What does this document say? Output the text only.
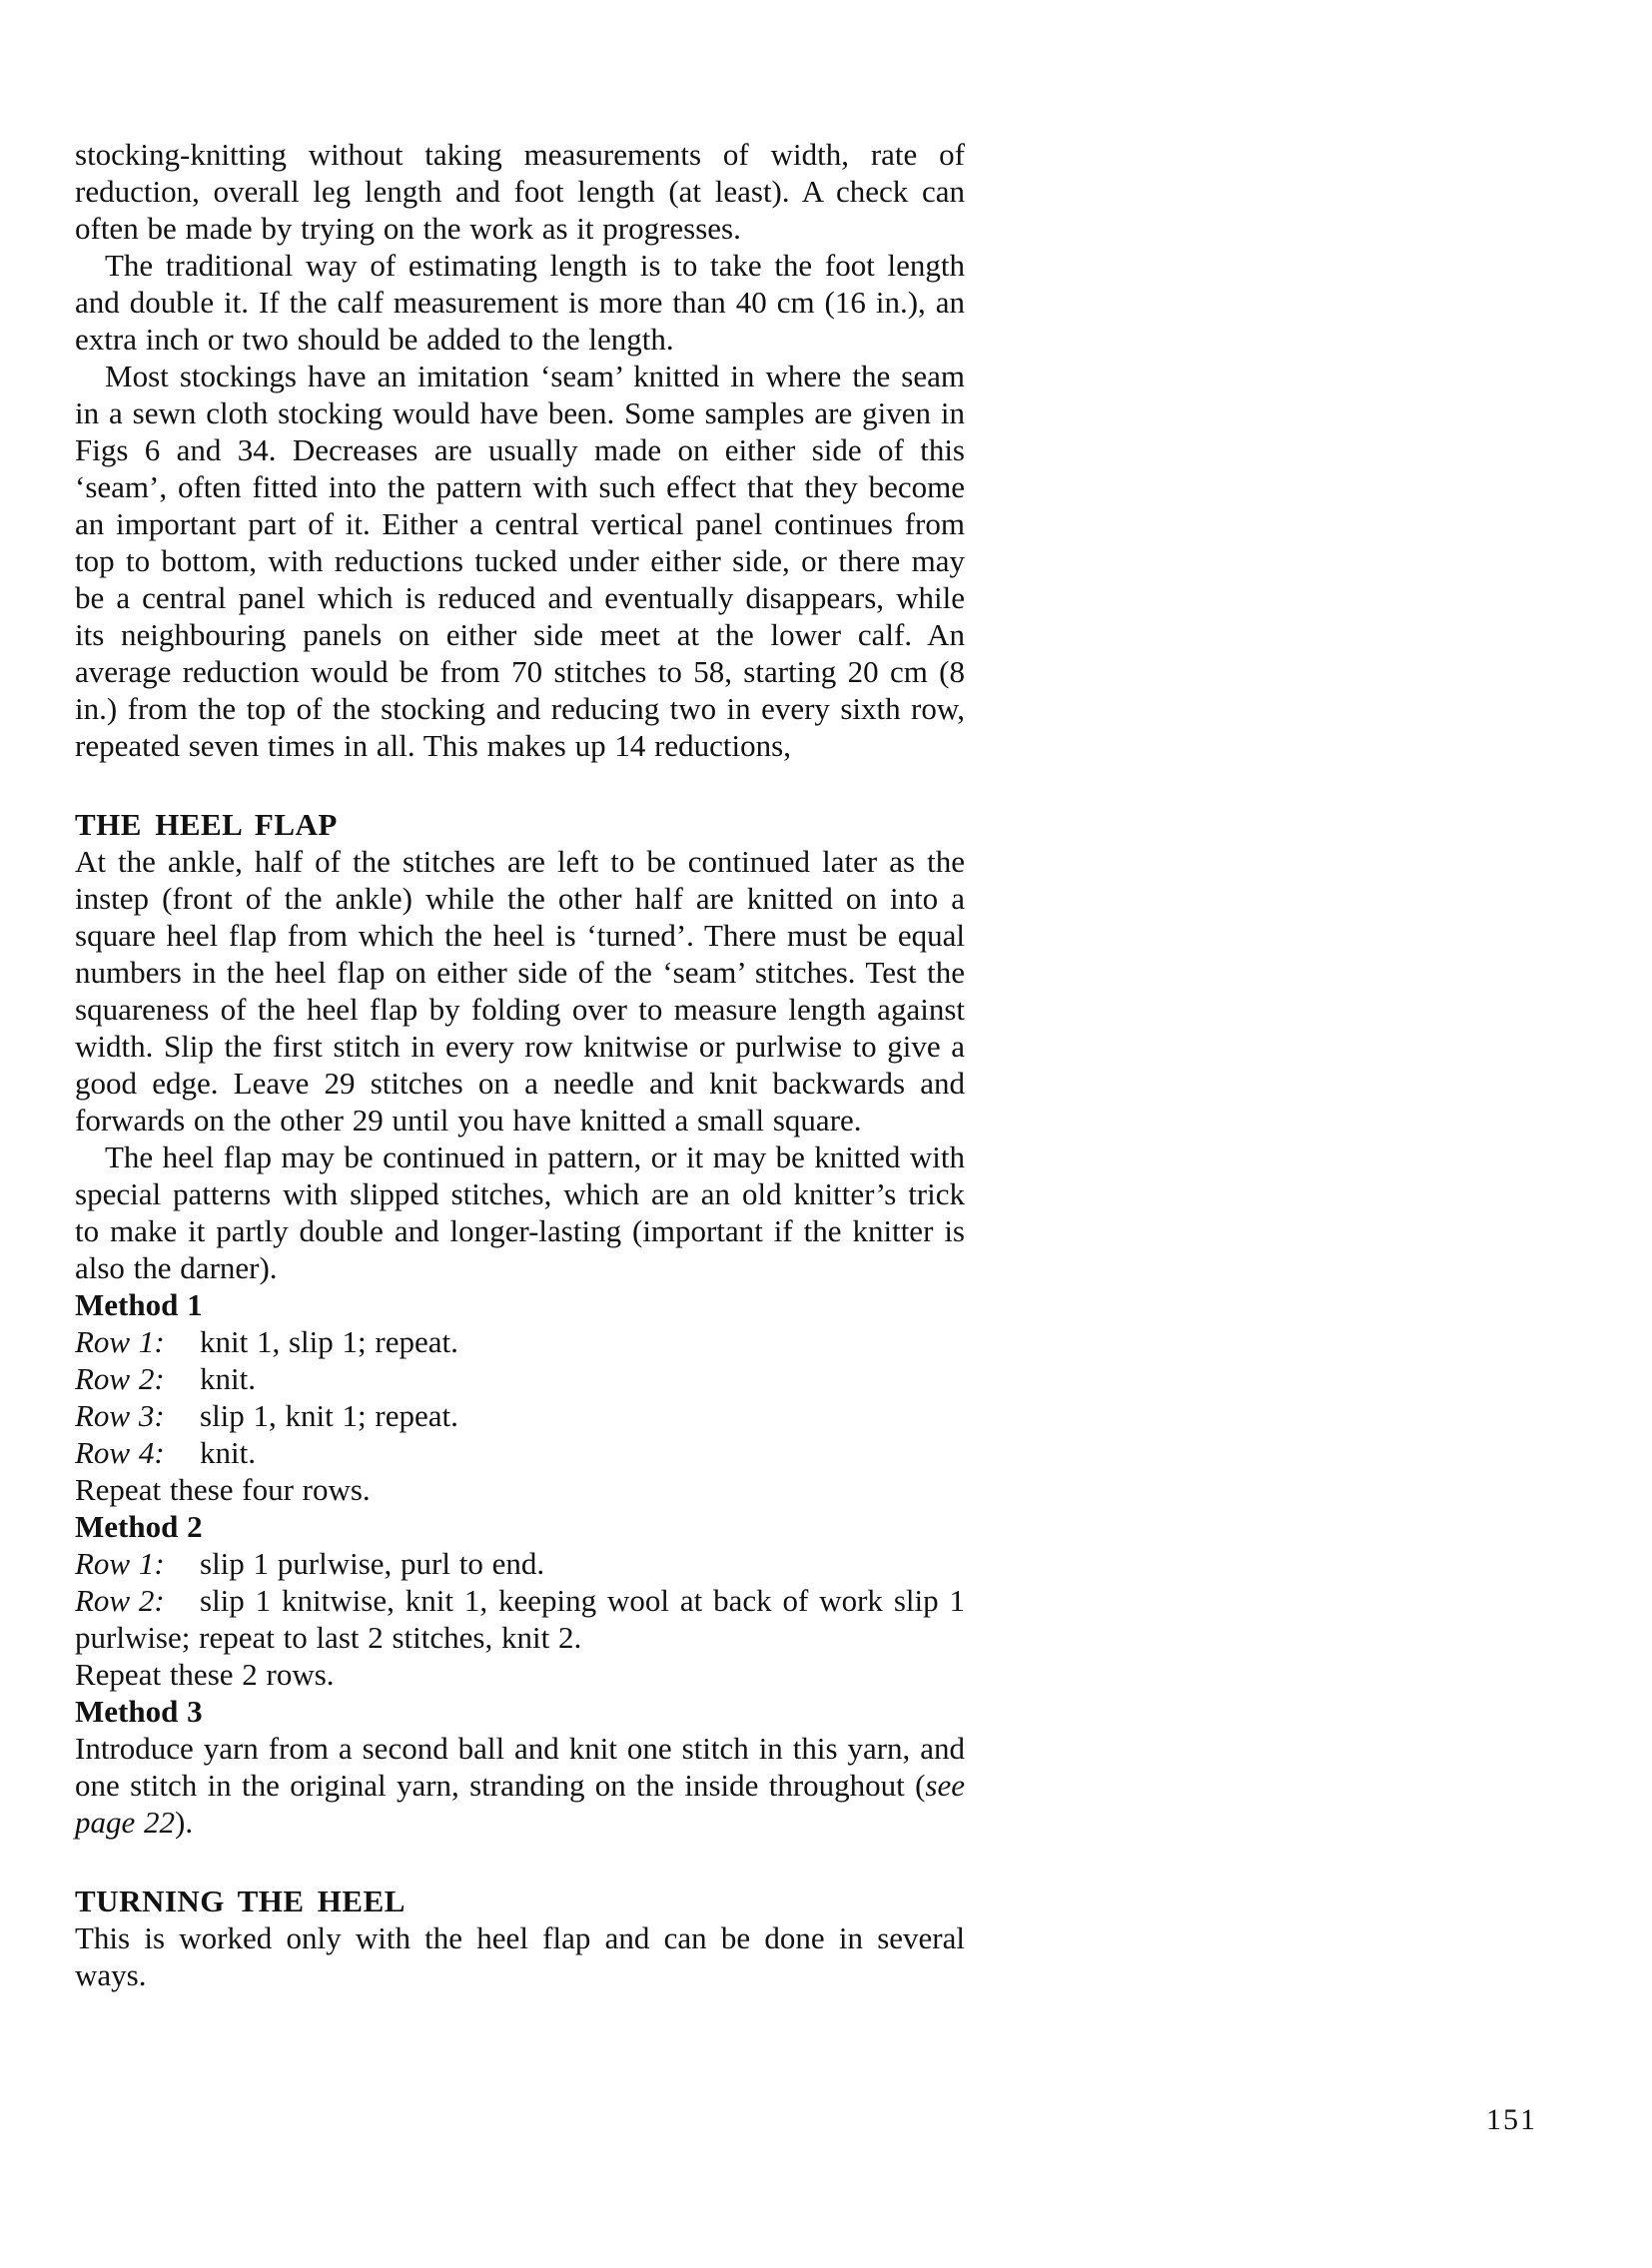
stocking-knitting without taking measurements of width, rate of reduction, overall leg length and foot length (at least). A check can often be made by trying on the work as it progresses.

The traditional way of estimating length is to take the foot length and double it. If the calf measurement is more than 40 cm (16 in.), an extra inch or two should be added to the length.

Most stockings have an imitation ‘seam’ knitted in where the seam in a sewn cloth stocking would have been. Some samples are given in Figs 6 and 34. Decreases are usually made on either side of this ‘seam’, often fitted into the pattern with such effect that they become an important part of it. Either a central vertical panel continues from top to bottom, with reductions tucked under either side, or there may be a central panel which is reduced and eventually disappears, while its neighbouring panels on either side meet at the lower calf. An average reduction would be from 70 stitches to 58, starting 20 cm (8 in.) from the top of the stocking and reducing two in every sixth row, repeated seven times in all. This makes up 14 reductions,

THE HEEL FLAP

At the ankle, half of the stitches are left to be continued later as the instep (front of the ankle) while the other half are knitted on into a square heel flap from which the heel is ‘turned’. There must be equal numbers in the heel flap on either side of the ‘seam’ stitches. Test the squareness of the heel flap by folding over to measure length against width. Slip the first stitch in every row knitwise or purlwise to give a good edge. Leave 29 stitches on a needle and knit backwards and forwards on the other 29 until you have knitted a small square.

The heel flap may be continued in pattern, or it may be knitted with special patterns with slipped stitches, which are an old knitter’s trick to make it partly double and longer-lasting (important if the knitter is also the darner).

Method 1

Row 1: knit 1, slip 1; repeat.

Row 2: knit.

Row 3: slip 1, knit 1; repeat.

Row 4: knit.

Repeat these four rows.

Method 2

Row 1: slip 1 purlwise, purl to end.

Row 2: slip 1 knitwise, knit 1, keeping wool at back of work slip 1 purlwise; repeat to last 2 stitches, knit 2.

Repeat these 2 rows.

Method 3

Introduce yarn from a second ball and knit one stitch in this yarn, and one stitch in the original yarn, stranding on the inside throughout (see page 22).

TURNING THE HEEL

This is worked only with the heel flap and can be done in several ways.

151
